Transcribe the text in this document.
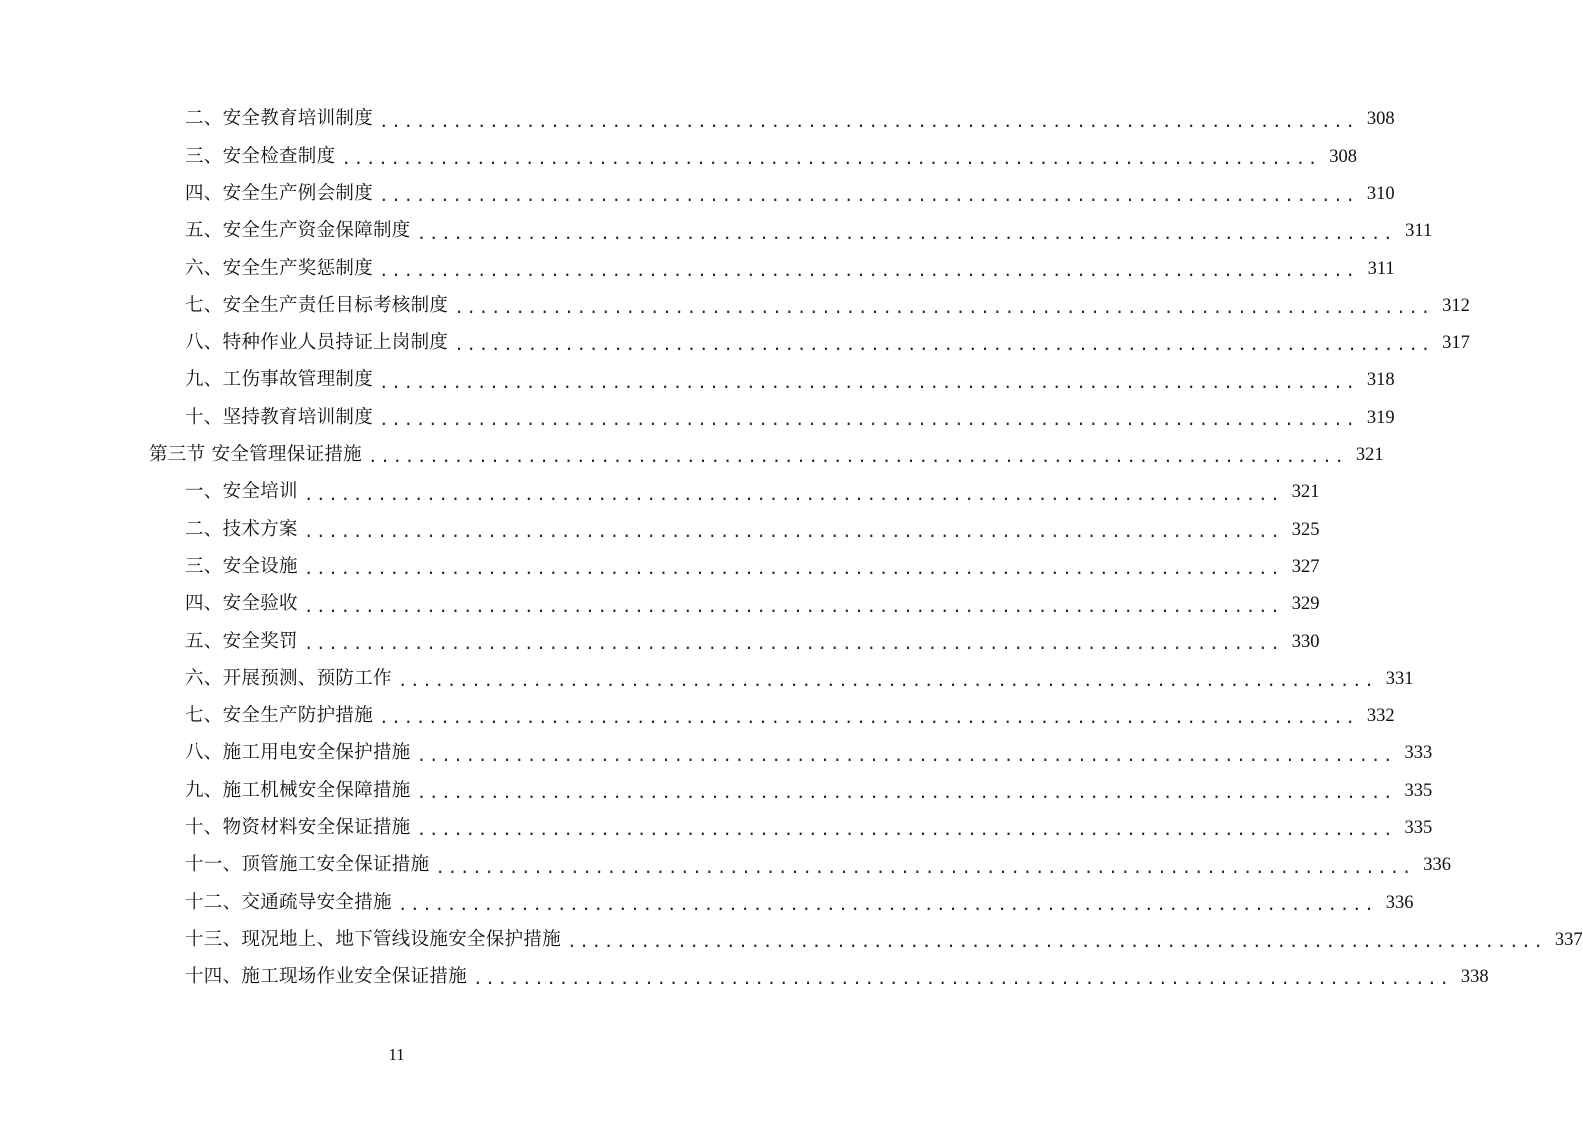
二、安全教育培训制度 ................................................................................ 308
三、安全检查制度 ................................................................................ 308
四、安全生产例会制度 ................................................................................ 310
五、安全生产资金保障制度 ................................................................................ 311
六、安全生产奖惩制度 ................................................................................ 311
七、安全生产责任目标考核制度 ................................................................................ 312
八、特种作业人员持证上岗制度 ................................................................................ 317
九、工伤事故管理制度 ................................................................................ 318
十、坚持教育培训制度 ................................................................................ 319
第三节 安全管理保证措施 ................................................................................ 321
一、安全培训 ................................................................................ 321
二、技术方案 ................................................................................ 325
三、安全设施 ................................................................................ 327
四、安全验收 ................................................................................ 329
五、安全奖罚 ................................................................................ 330
六、开展预测、预防工作 ................................................................................ 331
七、安全生产防护措施 ................................................................................ 332
八、施工用电安全保护措施 ................................................................................ 333
九、施工机械安全保障措施 ................................................................................ 335
十、物资材料安全保证措施 ................................................................................ 335
十一、顶管施工安全保证措施 ................................................................................ 336
十二、交通疏导安全措施 ................................................................................ 336
十三、现况地上、地下管线设施安全保护措施 ................................................................................ 337
十四、施工现场作业安全保证措施 ................................................................................ 338
11
